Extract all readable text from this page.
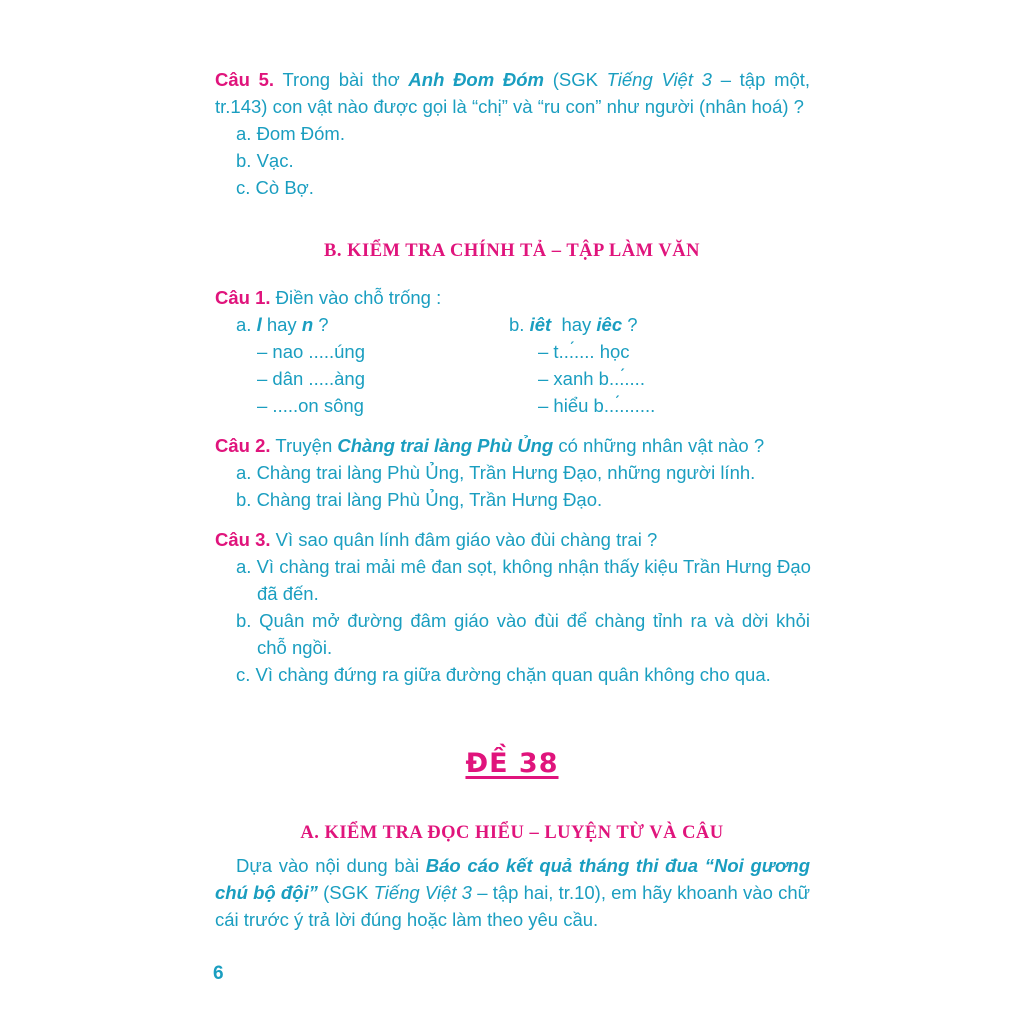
Câu 5. Trong bài thơ Anh Đom Đóm (SGK Tiếng Việt 3 – tập một,
tr.143) con vật nào được gọi là “chị” và “ru con” như người (nhân hoá) ?
a. Đom Đóm.
b. Vạc.
c. Cò Bợ.
B. KIỂM TRA CHÍNH TẢ – TẬP LÀM VĂN
Câu 1. Điền vào chỗ trống :
a. l hay n ?	b. iêt hay iêc ?
– nao .....úng
– dân .....àng
– .....on sông
– t...́.... học
– xanh b...́....
– hiểu b...́.......
Câu 2. Truyện Chàng trai làng Phù Ủng có những nhân vật nào ?
a. Chàng trai làng Phù Ủng, Trần Hưng Đạo, những người lính.
b. Chàng trai làng Phù Ủng, Trần Hưng Đạo.
Câu 3. Vì sao quân lính đâm giáo vào đùi chàng trai ?
a. Vì chàng trai mải mê đan sọt, không nhận thấy kiệu Trần Hưng Đạo
đã đến.
b. Quân mở đường đâm giáo vào đùi để chàng tỉnh ra và dời khỏi
chỗ ngồi.
c. Vì chàng đứng ra giữa đường chặn quan quân không cho qua.
ĐỀ 38
A. KIỂM TRA ĐỌC HIỂU – LUYỆN TỪ VÀ CÂU
Dựa vào nội dung bài Báo cáo kết quả tháng thi đua “Noi gương
chú bộ đội” (SGK Tiếng Việt 3 – tập hai, tr.10), em hãy khoanh vào chữ
cái trước ý trả lời đúng hoặc làm theo yêu cầu.
6
